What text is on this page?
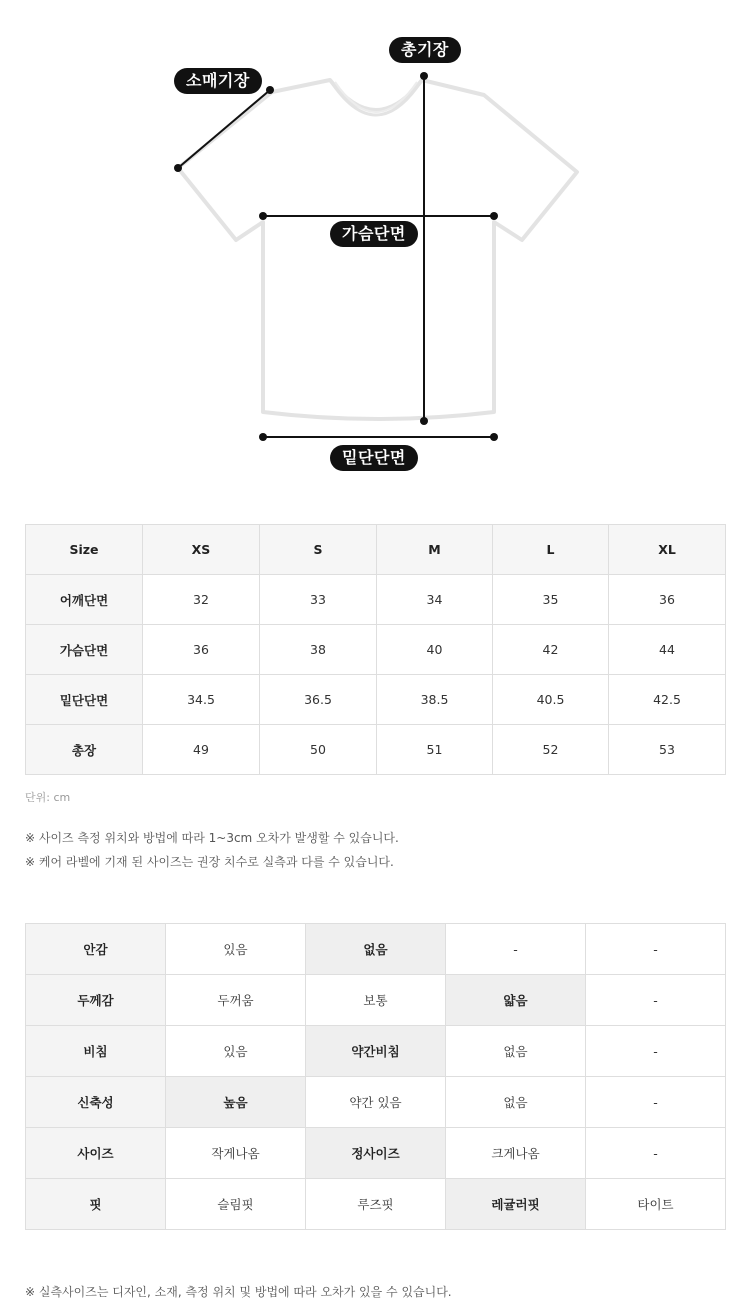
소매기장
총기장
가슴단면
밑단단면
Size	XS	S	M	L	XL
어깨단면	32	33	34	35	36
가슴단면	36	38	40	42	44
밑단단면	34.5	36.5	38.5	40.5	42.5
총장	49	50	51	52	53
단위: cm
※ 사이즈 측정 위치와 방법에 따라 1~3cm 오차가 발생할 수 있습니다.
※ 케어 라벨에 기재 된 사이즈는 권장 치수로 실측과 다를 수 있습니다.
안감	있음	없음	-	-
두께감	두꺼움	보통	얇음	-
비침	있음	약간비침	없음	-
신축성	높음	약간 있음	없음	-
사이즈	작게나옴	정사이즈	크게나옴	-
핏	슬림핏	루즈핏	레귤러핏	타이트
※ 실측사이즈는 디자인, 소재, 측정 위치 및 방법에 따라 오차가 있을 수 있습니다.
